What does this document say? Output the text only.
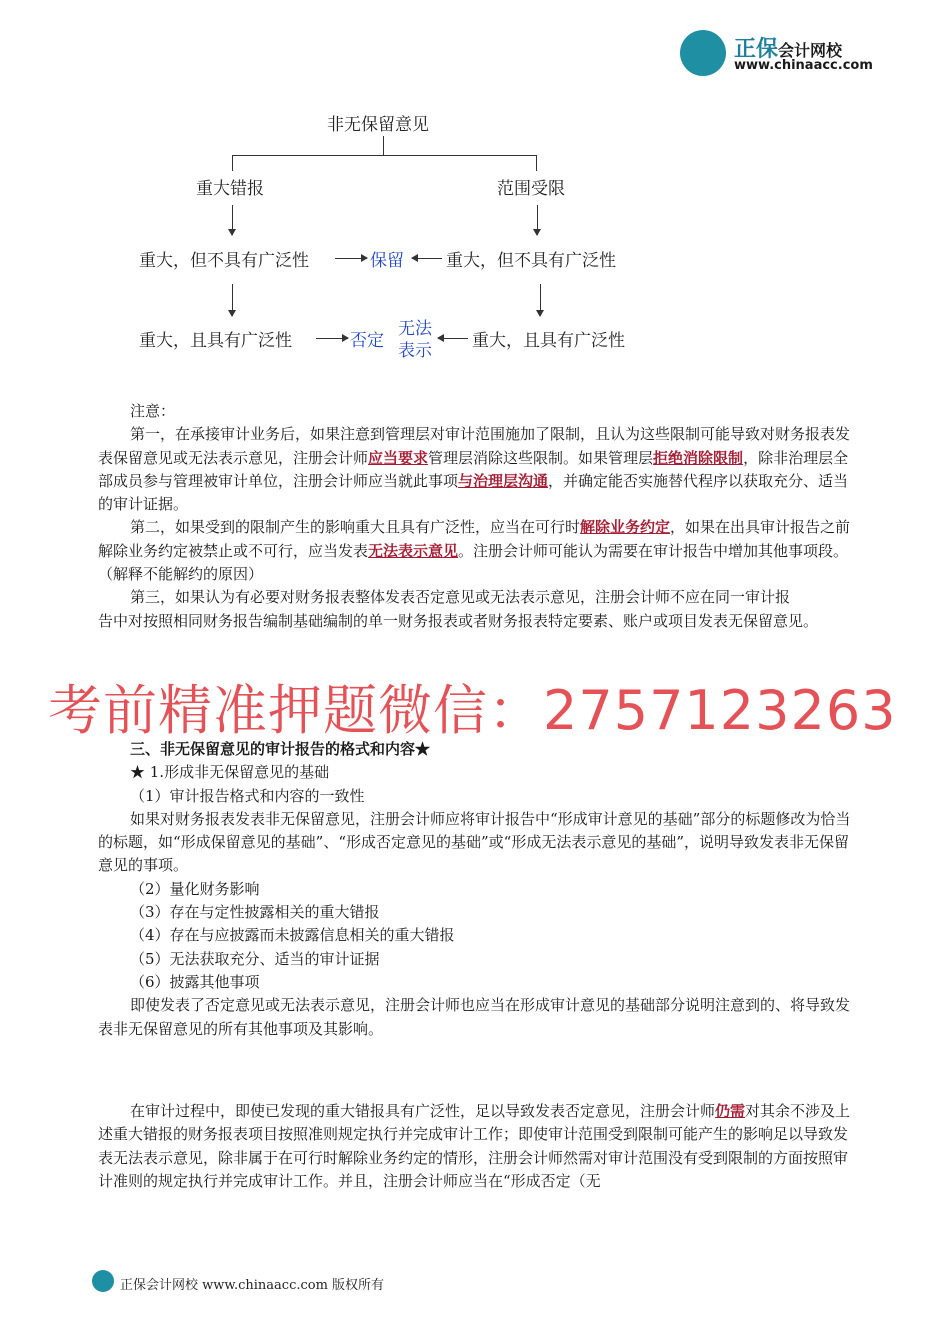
正保会计网校
www.chinaacc.com
非无保留意见
重大错报	范围受限
重大，但不具有广泛性	保留 重大，但不具有广泛性
重大，且具有广泛性	否定
无法
表示 重大，且具有广泛性

注意：

第一，在承接审计业务后，如果注意到管理层对审计范围施加了限制，且认为这些限制可能导致对财务报表发表保留意见或无法表示意见，注册会计师应当要求管理层消除这些限制。如果管理层拒绝消除限制，除非治理层全部成员参与管理被审计单位，注册会计师应当就此事项与治理层沟通，并确定能否实施替代程序以获取充分、适当的审计证据。

第二，如果受到的限制产生的影响重大且具有广泛性，应当在可行时解除业务约定，如果在出具审计报告之前解除业务约定被禁止或不可行，应当发表无法表示意见。注册会计师可能认为需要在审计报告中增加其他事项段。（解释不能解约的原因）

第三，如果认为有必要对财务报表整体发表否定意见或无法表示意见，注册会计师不应在同一审计报

告中对按照相同财务报告编制基础编制的单一财务报表或者财务报表特定要素、账户或项目发表无保留意见。

考前精准押题微信：2757123263

三、非无保留意见的审计报告的格式和内容★

★ 1.形成非无保留意见的基础

（1）审计报告格式和内容的一致性

如果对财务报表发表非无保留意见，注册会计师应将审计报告中“形成审计意见的基础”部分的标题修改为恰当的标题，如“形成保留意见的基础”、“形成否定意见的基础”或“形成无法表示意见的基础”，说明导致发表非无保留意见的事项。

（2）量化财务影响

（3）存在与定性披露相关的重大错报

（4）存在与应披露而未披露信息相关的重大错报

（5）无法获取充分、适当的审计证据

（6）披露其他事项

即使发表了否定意见或无法表示意见，注册会计师也应当在形成审计意见的基础部分说明注意到的、将导致发表非无保留意见的所有其他事项及其影响。

在审计过程中，即使已发现的重大错报具有广泛性，足以导致发表否定意见，注册会计师仍需对其余不涉及上述重大错报的财务报表项目按照准则规定执行并完成审计工作；即使审计范围受到限制可能产生的影响足以导致发表无法表示意见，除非属于在可行时解除业务约定的情形，注册会计师然需对审计范围没有受到限制的方面按照审计准则的规定执行并完成审计工作。并且，注册会计师应当在“形成否定（无

正保会计网校 www.chinaacc.com 版权所有
